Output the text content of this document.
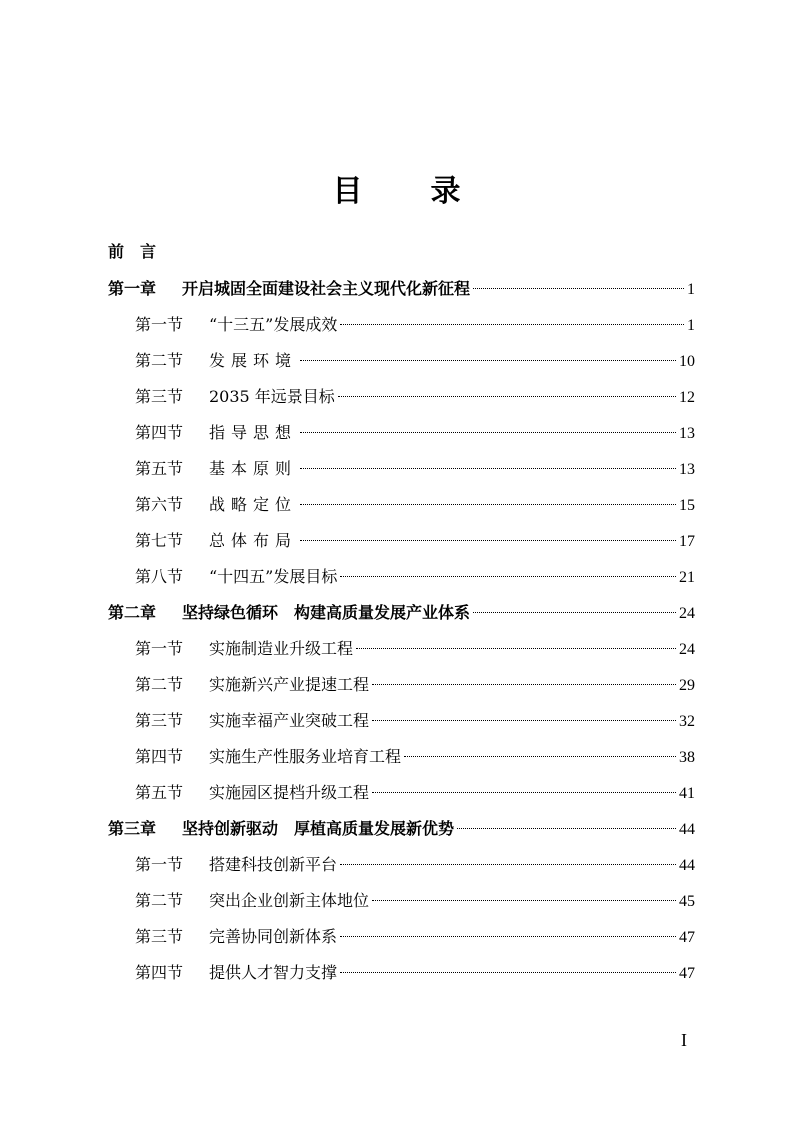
目 录
前　 言
第一章	开启城固全面建设社会主义现代化新征程	1
第一节	“十三五”发展成效	1
第二节	发展环境	10
第三节	2035 年远景目标	12
第四节	指导思想	13
第五节	基本原则	13
第六节	战略定位	15
第七节	总体布局	17
第八节	“十四五”发展目标	21
第二章	坚持绿色循环　构建高质量发展产业体系	24
第一节	实施制造业升级工程	24
第二节	实施新兴产业提速工程	29
第三节	实施幸福产业突破工程	32
第四节	实施生产性服务业培育工程	38
第五节	实施园区提档升级工程	41
第三章	坚持创新驱动　厚植高质量发展新优势	44
第一节	搭建科技创新平台	44
第二节	突出企业创新主体地位	45
第三节	完善协同创新体系	47
第四节	提供人才智力支撑	47
I
